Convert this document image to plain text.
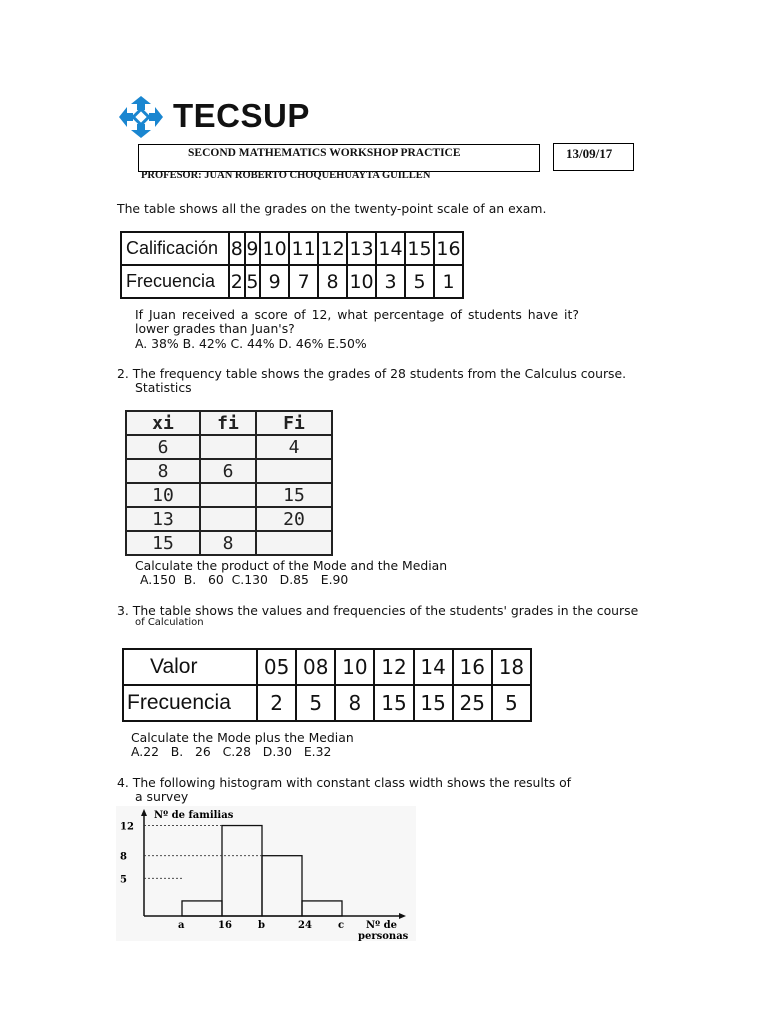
TECSUP
SECOND MATHEMATICS WORKSHOP PRACTICE	13/09/17
PROFESOR: JUAN ROBERTO CHOQUEHUAYTA GUILLEN
The table shows all the grades on the twenty-point scale of an exam.
Calificación	8	9	10	11	12	13	14	15	16
Frecuencia	2	5	9	7	8	10	3	5	1
If Juan received a score of 12, what percentage of students have it?
lower grades than Juan's?
A. 38% B. 42% C. 44% D. 46% E.50%
2. The frequency table shows the grades of 28 students from the Calculus course.
Statistics
xi	fi	Fi
6		4
8	6	
10		15
13		20
15	8	
Calculate the product of the Mode and the Median
A.150  B.   60  C.130   D.85   E.90
3. The table shows the values and frequencies of the students' grades in the course
of Calculation
Valor	05	08	10	12	14	16	18
Frecuencia	2	5	8	15	15	25	5
Calculate the Mode plus the Median
A.22   B.   26   C.28   D.30   E.32
4. The following histogram with constant class width shows the results of
a survey
12
8
5
a	16	b	24	c Nº de
personas
Nº de familias
